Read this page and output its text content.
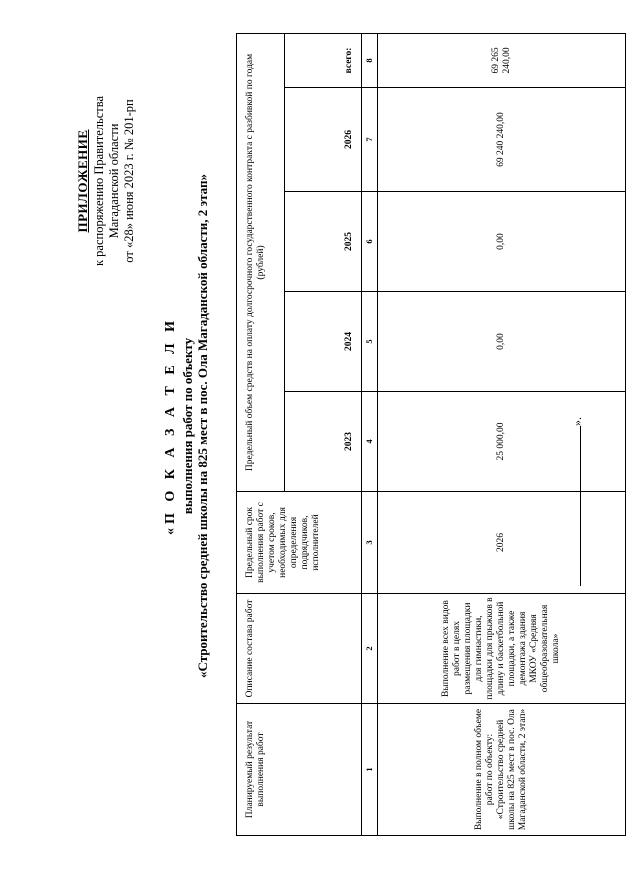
ПРИЛОЖЕНИЕ к распоряжению Правительства Магаданской области от «28» июня 2023 г. № 201-рп
«П О К А З А Т Е Л И выполнения работ по объекту «Строительство средней школы на 825 мест в пос. Ола Магаданской области, 2 этап»
Планируемый результат выполнения работ	Описание состава работ	Предельный срок выполнения работ с учетом сроков, необходимых для определения подрядчиков, исполнителей	Предельный объем средств на оплату долгосрочного государственного контракта с разбивкой по годам (рублей)				
			2023	2024	2025	2026	всего:
1	2	3	4	5	6	7	8
Выполнение в полном объеме работ по объекту: «Строительство средней школы на 825 мест в пос. Ола Магаданской области, 2 этап»	Выполнение всех видов работ в целях размещения площадки для гимнастики, площадки для прыжков в длину и баскетбольной площадки, а также демонтажа здания МКОУ «Средняя общеобразовательная школа»	2026	25 000,00	0,00	0,00	69 240 240,00	69 265 240,00
».
